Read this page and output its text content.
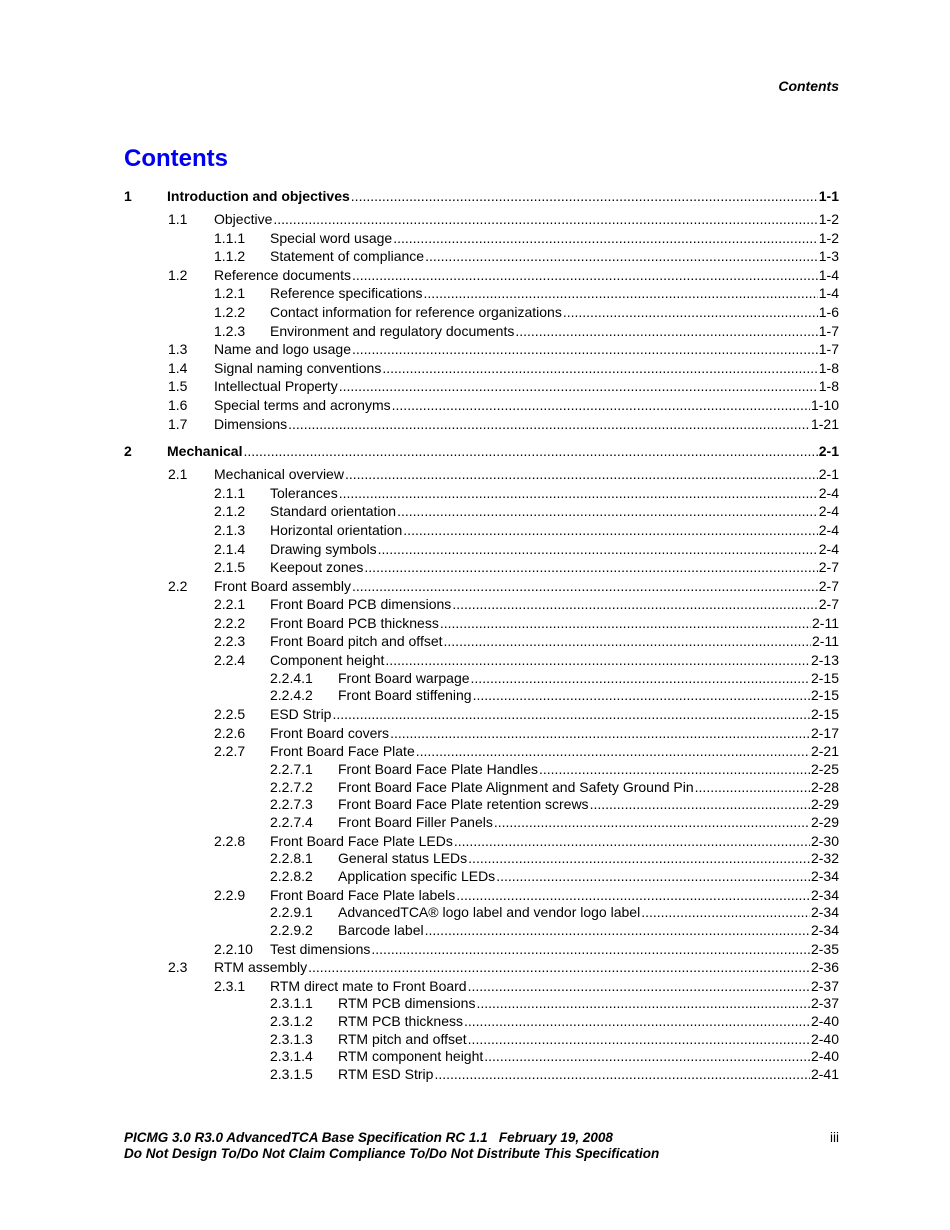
Contents
Contents
1	Introduction and objectives .....	1-1
1.1 Objective .....	1-2
1.1.1 Special word usage .....	1-2
1.1.2 Statement of compliance .....	1-3
1.2 Reference documents .....	1-4
1.2.1 Reference specifications .....	1-4
1.2.2 Contact information for reference organizations .....	1-6
1.2.3 Environment and regulatory documents .....	1-7
1.3 Name and logo usage .....	1-7
1.4 Signal naming conventions .....	1-8
1.5 Intellectual Property .....	1-8
1.6 Special terms and acronyms .....	1-10
1.7 Dimensions .....	1-21
2	Mechanical .....	2-1
2.1 Mechanical overview .....	2-1
2.1.1 Tolerances .....	2-4
2.1.2 Standard orientation .....	2-4
2.1.3 Horizontal orientation .....	2-4
2.1.4 Drawing symbols .....	2-4
2.1.5 Keepout zones .....	2-7
2.2 Front Board assembly .....	2-7
2.2.1 Front Board PCB dimensions .....	2-7
2.2.2 Front Board PCB thickness .....	2-11
2.2.3 Front Board pitch and offset .....	2-11
2.2.4 Component height .....	2-13
2.2.4.1 Front Board warpage .....	2-15
2.2.4.2 Front Board stiffening .....	2-15
2.2.5 ESD Strip .....	2-15
2.2.6 Front Board covers .....	2-17
2.2.7 Front Board Face Plate .....	2-21
2.2.7.1 Front Board Face Plate Handles .....	2-25
2.2.7.2 Front Board Face Plate Alignment and Safety Ground Pin .....	2-28
2.2.7.3 Front Board Face Plate retention screws .....	2-29
2.2.7.4 Front Board Filler Panels .....	2-29
2.2.8 Front Board Face Plate LEDs .....	2-30
2.2.8.1 General status LEDs .....	2-32
2.2.8.2 Application specific LEDs .....	2-34
2.2.9 Front Board Face Plate labels .....	2-34
2.2.9.1 AdvancedTCA® logo label and vendor logo label .....	2-34
2.2.9.2 Barcode label .....	2-34
2.2.10 Test dimensions .....	2-35
2.3 RTM assembly .....	2-36
2.3.1 RTM direct mate to Front Board .....	2-37
2.3.1.1 RTM PCB dimensions .....	2-37
2.3.1.2 RTM PCB thickness .....	2-40
2.3.1.3 RTM pitch and offset .....	2-40
2.3.1.4 RTM component height .....	2-40
2.3.1.5 RTM ESD Strip .....	2-41
PICMG 3.0 R3.0 AdvancedTCA Base Specification RC 1.1   February 19, 2008
Do Not Design To/Do Not Claim Compliance To/Do Not Distribute This Specification
iii
